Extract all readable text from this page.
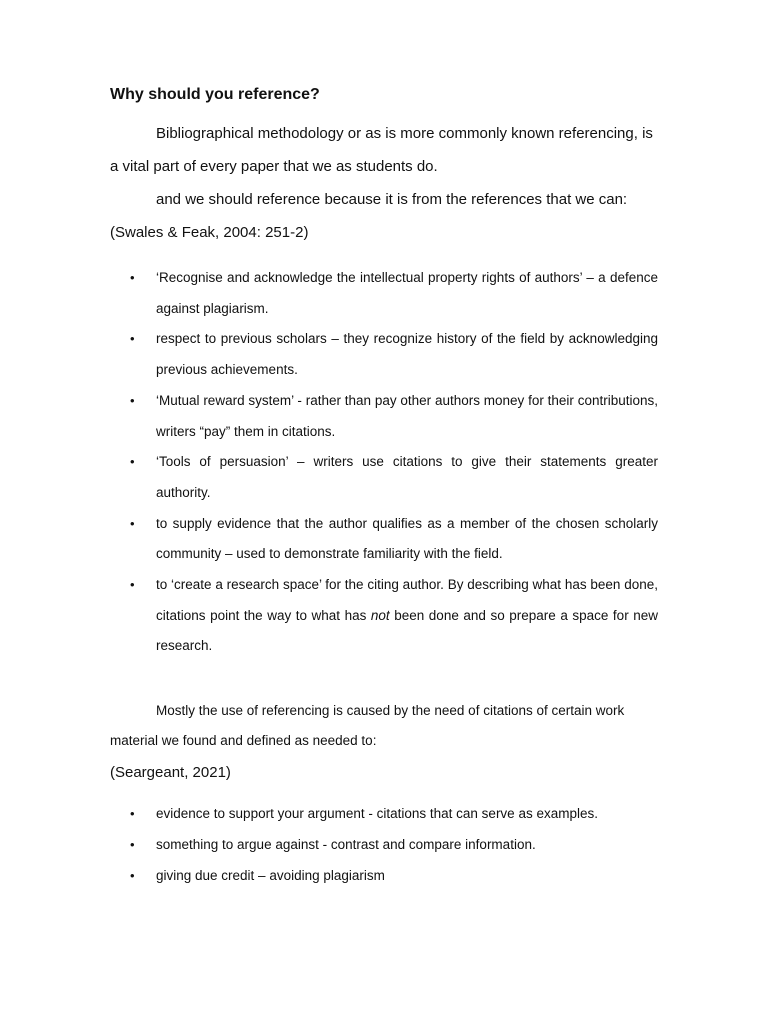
Why should you reference?

Bibliographical methodology or as is more commonly known referencing, is a vital part of every paper that we as students do.

and we should reference because it is from the references that we can:

(Swales & Feak, 2004: 251-2)

• ‘Recognise and acknowledge the intellectual property rights of authors’ – a defence against plagiarism.
• respect to previous scholars – they recognize history of the field by acknowledging previous achievements.
• ‘Mutual reward system’ - rather than pay other authors money for their contributions, writers “pay” them in citations.
• ‘Tools of persuasion’ – writers use citations to give their statements greater authority.
• to supply evidence that the author qualifies as a member of the chosen scholarly community – used to demonstrate familiarity with the field.
• to ‘create a research space’ for the citing author. By describing what has been done, citations point the way to what has not been done and so prepare a space for new research.

Mostly the use of referencing is caused by the need of citations of certain work material we found and defined as needed to:

(Seargeant, 2021)

• evidence to support your argument - citations that can serve as examples.
• something to argue against - contrast and compare information.
• giving due credit – avoiding plagiarism
